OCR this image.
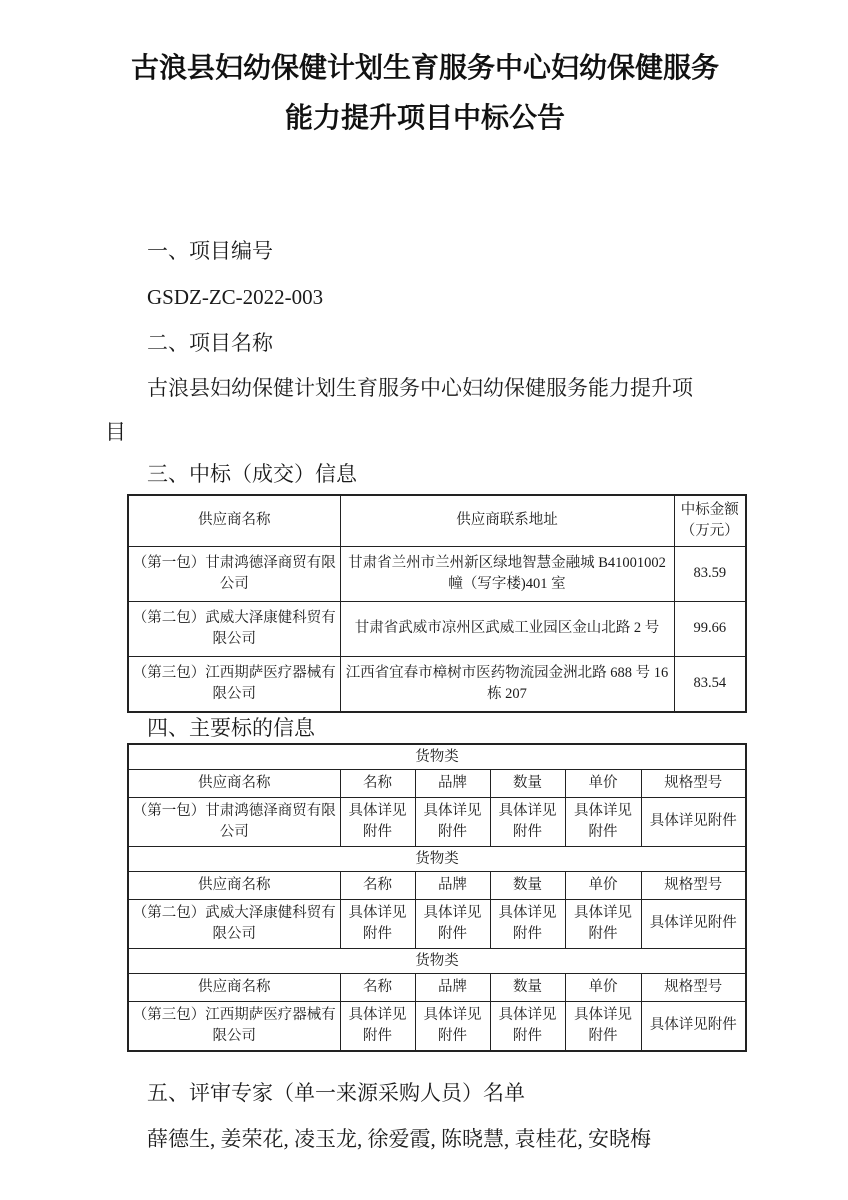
古浪县妇幼保健计划生育服务中心妇幼保健服务
能力提升项目中标公告

一、项目编号

GSDZ-ZC-2022-003

二、项目名称

古浪县妇幼保健计划生育服务中心妇幼保健服务能力提升项目

三、中标（成交）信息

供应商名称	供应商联系地址	中标金额（万元）
（第一包）甘肃鸿德泽商贸有限公司	甘肃省兰州市兰州新区绿地智慧金融城 B41001002 幢（写字楼)401 室	83.59
（第二包）武威大泽康健科贸有限公司	甘肃省武威市凉州区武威工业园区金山北路 2 号	99.66
（第三包）江西期萨医疗器械有限公司	江西省宜春市樟树市医药物流园金洲北路 688 号 16 栋 207	83.54

四、主要标的信息

货物类					
供应商名称	名称	品牌	数量	单价	规格型号
（第一包）甘肃鸿德泽商贸有限公司	具体详见附件	具体详见附件	具体详见附件	具体详见附件	具体详见附件
货物类					
供应商名称	名称	品牌	数量	单价	规格型号
（第二包）武威大泽康健科贸有限公司	具体详见附件	具体详见附件	具体详见附件	具体详见附件	具体详见附件
货物类					
供应商名称	名称	品牌	数量	单价	规格型号
（第三包）江西期萨医疗器械有限公司	具体详见附件	具体详见附件	具体详见附件	具体详见附件	具体详见附件

五、评审专家（单一来源采购人员）名单

薛德生, 姜荣花, 凌玉龙, 徐爱霞, 陈晓慧, 袁桂花, 安晓梅
